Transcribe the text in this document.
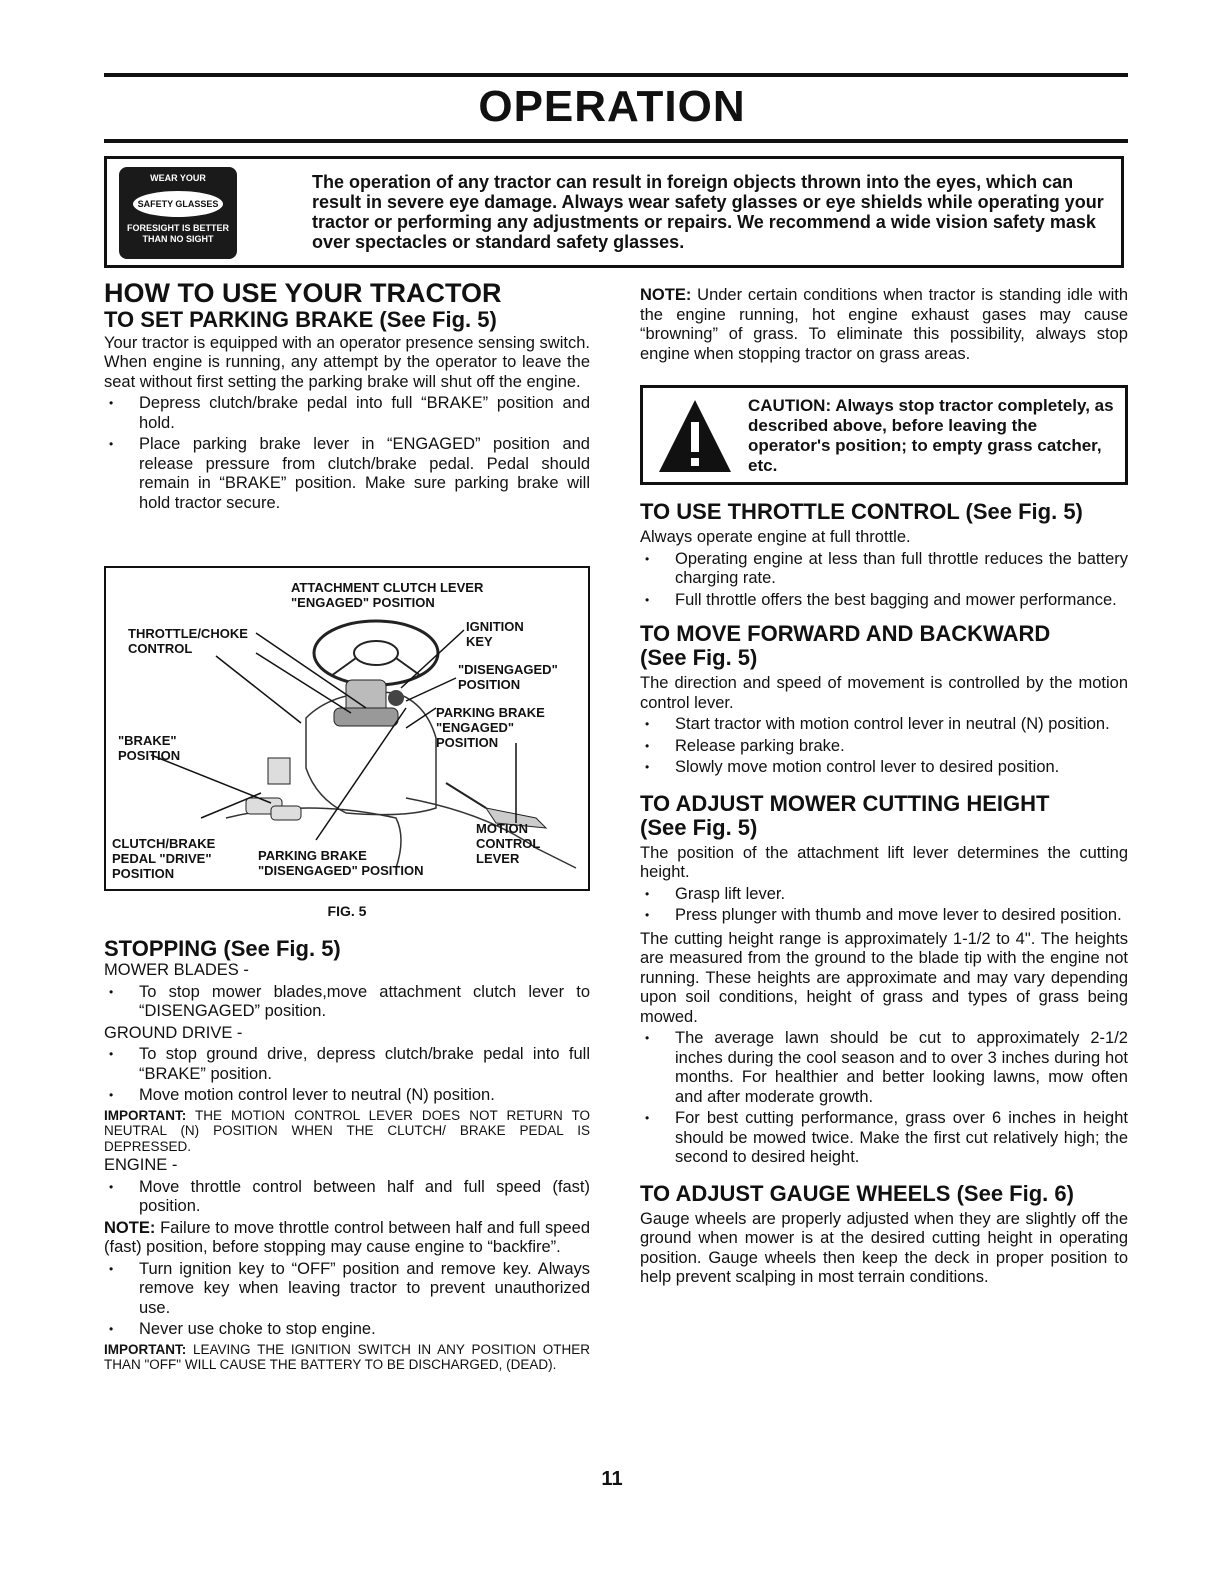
OPERATION
WEAR YOUR
SAFETY GLASSES
FORESIGHT IS BETTER
THAN NO SIGHT
The operation of any tractor can result in foreign objects thrown into the eyes, which can result in severe eye damage. Always wear safety glasses or eye shields while operating your tractor or performing any adjustments or repairs. We recommend a wide vision safety mask over spectacles or standard safety glasses.
HOW TO USE YOUR TRACTOR
TO SET PARKING BRAKE (See Fig. 5)

Your tractor is equipped with an operator presence sensing switch. When engine is running, any attempt by the operator to leave the seat without first setting the parking brake will shut off the engine.

• Depress clutch/brake pedal into full “BRAKE” position and hold.
• Place parking brake lever in “ENGAGED” position and release pressure from clutch/brake pedal. Pedal should remain in “BRAKE” position. Make sure parking brake will hold tractor secure.
ATTACHMENT CLUTCH LEVER
"ENGAGED" POSITION
THROTTLE/CHOKE
CONTROL
IGNITION
KEY
"DISENGAGED"
POSITION
PARKING BRAKE
"ENGAGED"
POSITION
"BRAKE"
POSITION
MOTION
CONTROL
LEVER
CLUTCH/BRAKE
PEDAL "DRIVE"
POSITION
PARKING BRAKE
"DISENGAGED" POSITION
FIG. 5
STOPPING (See Fig. 5)

MOWER BLADES -

• To stop mower blades,move attachment clutch lever to “DISENGAGED” position.

GROUND DRIVE -

• To stop ground drive, depress clutch/brake pedal into full “BRAKE” position.
• Move motion control lever to neutral (N) position.

IMPORTANT: THE MOTION CONTROL LEVER DOES NOT RETURN TO NEUTRAL (N) POSITION WHEN THE CLUTCH/ BRAKE PEDAL IS DEPRESSED.

ENGINE -

• Move throttle control between half and full speed (fast) position.

NOTE: Failure to move throttle control between half and full speed (fast) position, before stopping may cause engine to “backfire”.

• Turn ignition key to “OFF” position and remove key. Always remove key when leaving tractor to prevent unauthorized use.
• Never use choke to stop engine.

IMPORTANT: LEAVING THE IGNITION SWITCH IN ANY POSITION OTHER THAN "OFF" WILL CAUSE THE BATTERY TO BE DISCHARGED, (DEAD).

NOTE: Under certain conditions when tractor is standing idle with the engine running, hot engine exhaust gases may cause “browning” of grass. To eliminate this possibility, always stop engine when stopping tractor on grass areas.

CAUTION: Always stop tractor completely, as described above, before leaving the operator's position; to empty grass catcher, etc.
TO USE THROTTLE CONTROL (See Fig. 5)

Always operate engine at full throttle.

• Operating engine at less than full throttle reduces the battery charging rate.
• Full throttle offers the best bagging and mower performance.
TO MOVE FORWARD AND BACKWARD
(See Fig. 5)

The direction and speed of movement is controlled by the motion control lever.

• Start tractor with motion control lever in neutral (N) position.
• Release parking brake.
• Slowly move motion control lever to desired position.
TO ADJUST MOWER CUTTING HEIGHT
(See Fig. 5)

The position of the attachment lift lever determines the cutting height.

• Grasp lift lever.
• Press plunger with thumb and move lever to desired position.

The cutting height range is approximately 1-1/2 to 4". The heights are measured from the ground to the blade tip with the engine not running. These heights are approximate and may vary depending upon soil conditions, height of grass and types of grass being mowed.

• The average lawn should be cut to approximately 2-1/2 inches during the cool season and to over 3 inches during hot months. For healthier and better looking lawns, mow often and after moderate growth.
• For best cutting performance, grass over 6 inches in height should be mowed twice. Make the first cut relatively high; the second to desired height.
TO ADJUST GAUGE WHEELS (See Fig. 6)

Gauge wheels are properly adjusted when they are slightly off the ground when mower is at the desired cutting height in operating position. Gauge wheels then keep the deck in proper position to help prevent scalping in most terrain conditions.

11
